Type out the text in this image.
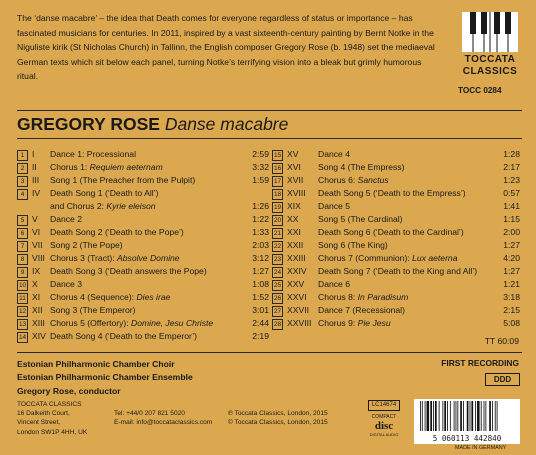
The ‘danse macabre’ – the idea that Death comes for everyone regardless of status or importance – has fascinated musicians for centuries. In 2011, inspired by a vast sixteenth-century painting by Bernt Notke in the Niguliste kirik (St Nicholas Church) in Tallinn, the English composer Gregory Rose (b. 1948) set the mediaeval German texts which sit below each panel, turning Notke’s terrifying vision into a bleak but grimly humorous ritual.

TOCCATA
CLASSICS
TOCC 0284
GREGORY ROSE Danse macabre
1 I Dance 1: Processional	2:59
2 II Chorus 1: Requiem aeternam	3:32
3 III Song 1 (The Preacher from the Pulpit)	1:59
4 IV Death Song 1 (‘Death to All’)
and Chorus 2: Kyrie eleison	1:26
5 V Dance 2	1:22
6 VI Death Song 2 (‘Death to the Pope’)	1:33
7 VII Song 2 (The Pope)	2:03
8 VIII Chorus 3 (Tract): Absolve Domine	3:12
9 IX Death Song 3 (‘Death answers the Pope)	1:27
10 X Dance 3	1:08
11 XI Chorus 4 (Sequence): Dies irae	1:52
12 XII Song 3 (The Emperor)	3:01
13 XIII Chorus 5 (Offertory): Domine, Jesu Christe	2:44
14 XIV Death Song 4 (‘Death to the Emperor’)	2:19
15 XV Dance 4	1:28
16 XVI Song 4 (The Empress)	2:17
17 XVII Chorus 6: Sanctus	1:23
18 XVIII Death Song 5 (‘Death to the Empress’)	0:57
19 XIX Dance 5	1:41
20 XX Song 5 (The Cardinal)	1:15
21 XXI Death Song 6 (‘Death to the Cardinal’)	2:00
22 XXII Song 6 (The King)	1:27
23 XXIII Chorus 7 (Communion): Lux aeterna	4:20
24 XXIV Death Song 7 (‘Death to the King and All’)	1:27
25 XXV Dance 6	1:21
26 XXVI Chorus 8: In Paradisum	3:18
27 XXVII Dance 7 (Recessional)	2:15
28 XXVIII Chorus 9: Pie Jesu	5:08
TT 60:09
Estonian Philharmonic Chamber Choir
Estonian Philharmonic Chamber Ensemble
Gregory Rose, conductor
FIRST RECORDING
DDD
TOCCATA CLASSICS
16 Dalkeith Court,
Vincent Street,
London SW1P 4HH, UK
Tel: +44/0 207 821 5020
E-mail: info@toccataclassics.com
℗ Toccata Classics, London, 2015
© Toccata Classics, London, 2015
LC14674
COMPACT
disc
DIGITAL AUDIO	5 060113 442840
MADE IN GERMANY
